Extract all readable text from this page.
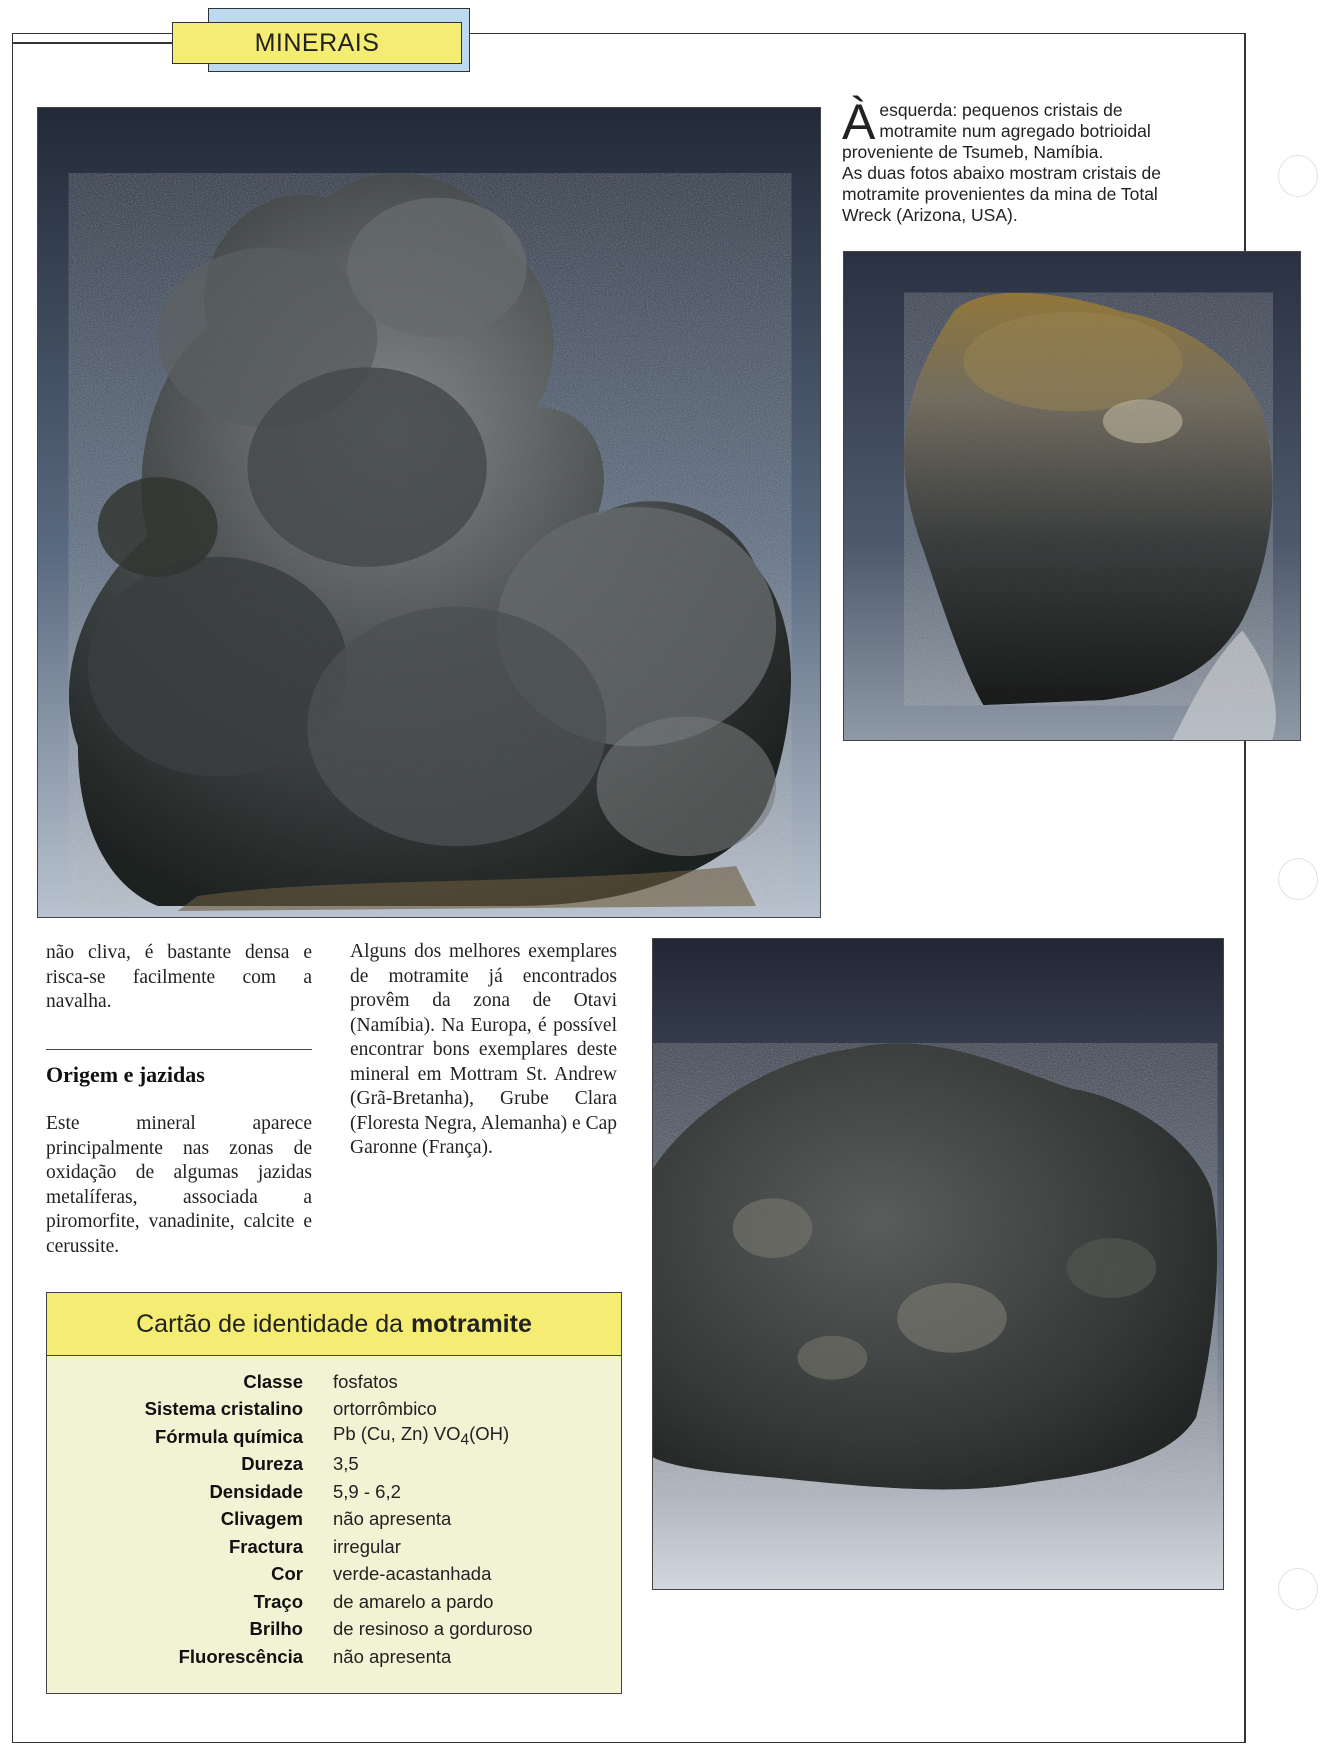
MINERAIS
À esquerda: pequenos cristais de motramite num agregado botrioidal proveniente de Tsumeb, Namíbia.

As duas fotos abaixo mostram cristais de motramite provenientes da mina de Total Wreck (Arizona, USA).

não cliva, é bastante densa e risca-se facilmente com a navalha.
Origem e jazidas
Este mineral aparece principalmente nas zonas de oxidação de algumas jazidas metalíferas, associada a piromorfite, vanadinite, calcite e cerussite.
Alguns dos melhores exemplares de motramite já encontrados provêm da zona de Otavi (Namíbia). Na Europa, é possível encontrar bons exemplares deste mineral em Mottram St. Andrew (Grã-Bretanha), Grube Clara (Floresta Negra, Alemanha) e Cap Garonne (França).
Cartão de identidade da motramite
Classe fosfatos
Sistema cristalino ortorrômbico
Fórmula química Pb (Cu, Zn) $VO_4(OH)$
Dureza 3,5
Densidade 5,9 - 6,2
Clivagem não apresenta
Fractura irregular
Cor verde-acastanhada
Traço de amarelo a pardo
Brilho de resinoso a gorduroso
Fluorescência não apresenta
